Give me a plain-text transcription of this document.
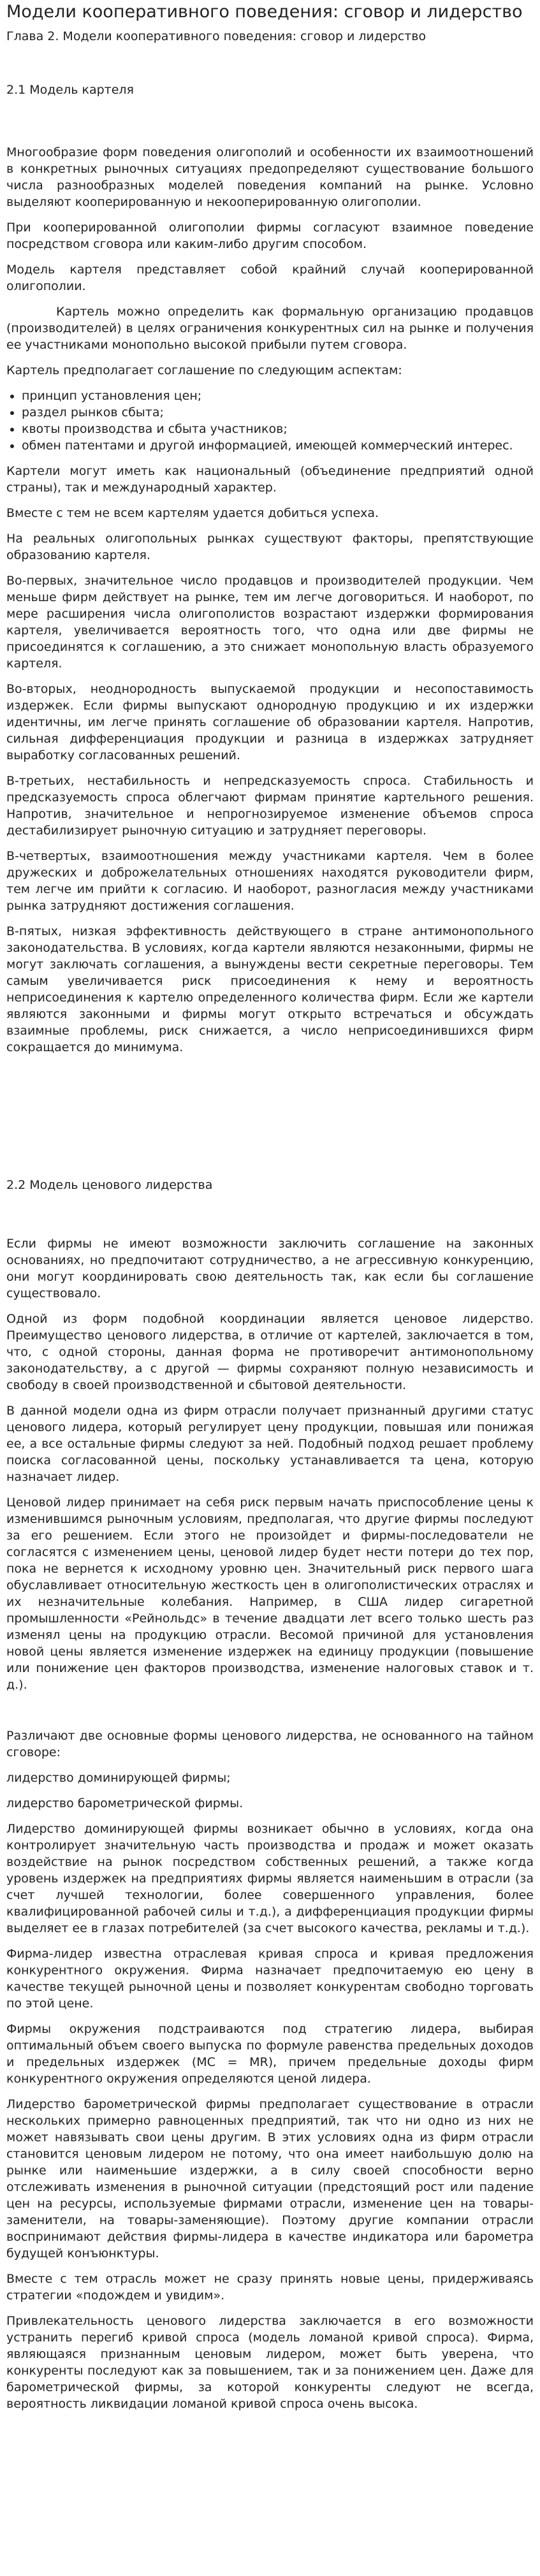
Модели кооперативного поведения: сговор и лидерство
Глава 2. Модели кооперативного поведения: сговор и лидерство
2.1 Модель картеля

Многообразие форм поведения олигополий и особенности их взаимоотношений в конкретных рыночных ситуациях предопределяют существование большого числа разнообразных моделей поведения компаний на рынке. Условно выделяют кооперированную и некооперированную олигополии.

При кооперированной олигополии фирмы согласуют взаимное поведение посредством сговора или каким-либо другим способом.

Модель картеля представляет собой крайний случай кооперированной олигополии.

Картель можно определить как формальную организацию продавцов (производителей) в целях ограничения конкурентных сил на рынке и получения ее участниками монопольно высокой прибыли путем сговора.

Картель предполагает соглашение по следующим аспектам:

• принцип установления цен;
• раздел рынков сбыта;
• квоты производства и сбыта участников;
• обмен патентами и другой информацией, имеющей коммерческий интерес.

Картели могут иметь как национальный (объединение предприятий одной страны), так и международный характер.

Вместе с тем не всем картелям удается добиться успеха.

На реальных олигопольных рынках существуют факторы, препятствующие образованию картеля.

Во-первых, значительное число продавцов и производителей продукции. Чем меньше фирм действует на рынке, тем им легче договориться. И наоборот, по мере расширения числа олигополистов возрастают издержки формирования картеля, увеличивается вероятность того, что одна или две фирмы не присоединятся к соглашению, а это снижает монопольную власть образуемого картеля.

Во-вторых, неоднородность выпускаемой продукции и несопоставимость издержек. Если фирмы выпускают однородную продукцию и их издержки идентичны, им легче принять соглашение об образовании картеля. Напротив, сильная дифференциация продукции и разница в издержках затрудняет выработку согласованных решений.

В-третьих, нестабильность и непредсказуемость спроса. Стабильность и предсказуемость спроса облегчают фирмам принятие картельного решения. Напротив, значительное и непрогнозируемое изменение объемов спроса дестабилизирует рыночную ситуацию и затрудняет переговоры.

В-четвертых, взаимоотношения между участниками картеля. Чем в более дружеских и доброжелательных отношениях находятся руководители фирм, тем легче им прийти к согласию. И наоборот, разногласия между участниками рынка затрудняют достижения соглашения.

В-пятых, низкая эффективность действующего в стране антимонопольного законодательства. В условиях, когда картели являются незаконными, фирмы не могут заключать соглашения, а вынуждены вести секретные переговоры. Тем самым увеличивается риск присоединения к нему и вероятность неприсоединения к картелю определенного количества фирм. Если же картели являются законными и фирмы могут открыто встречаться и обсуждать взаимные проблемы, риск снижается, а число неприсоединившихся фирм сокращается до минимума.

2.2 Модель ценового лидерства

Если фирмы не имеют возможности заключить соглашение на законных основаниях, но предпочитают сотрудничество, а не агрессивную конкуренцию, они могут координировать свою деятельность так, как если бы соглашение существовало.

Одной из форм подобной координации является ценовое лидерство. Преимущество ценового лидерства, в отличие от картелей, заключается в том, что, с одной стороны, данная форма не противоречит антимонопольному законодательству, а с другой — фирмы сохраняют полную независимость и свободу в своей производственной и сбытовой деятельности.

В данной модели одна из фирм отрасли получает признанный другими статус ценового лидера, который регулирует цену продукции, повышая или понижая ее, а все остальные фирмы следуют за ней. Подобный подход решает проблему поиска согласованной цены, поскольку устанавливается та цена, которую назначает лидер.

Ценовой лидер принимает на себя риск первым начать приспособление цены к изменившимся рыночным условиям, предполагая, что другие фирмы последуют за его решением. Если этого не произойдет и фирмы-последователи не согласятся с изменением цены, ценовой лидер будет нести потери до тех пор, пока не вернется к исходному уровню цен. Значительный риск первого шага обуславливает относительную жесткость цен в олигополистических отраслях и их незначительные колебания. Например, в США лидер сигаретной промышленности «Рейнольдс» в течение двадцати лет всего только шесть раз изменял цены на продукцию отрасли. Весомой причиной для установления новой цены является изменение издержек на единицу продукции (повышение или понижение цен факторов производства, изменение налоговых ставок и т. д.).

Различают две основные формы ценового лидерства, не основанного на тайном сговоре:

лидерство доминирующей фирмы;

лидерство барометрической фирмы.

Лидерство доминирующей фирмы возникает обычно в условиях, когда она контролирует значительную часть производства и продаж и может оказать воздействие на рынок посредством собственных решений, а также когда уровень издержек на предприятиях фирмы является наименьшим в отрасли (за счет лучшей технологии, более совершенного управления, более квалифицированной рабочей силы и т.д.), а дифференциация продукции фирмы выделяет ее в глазах потребителей (за счет высокого качества, рекламы и т.д.).

Фирма-лидер известна отраслевая кривая спроса и кривая предложения конкурентного окружения. Фирма назначает предпочитаемую ею цену в качестве текущей рыночной цены и позволяет конкурентам свободно торговать по этой цене.

Фирмы окружения подстраиваются под стратегию лидера, выбирая оптимальный объем своего выпуска по формуле равенства предельных доходов и предельных издержек (MC = MR), причем предельные доходы фирм конкурентного окружения определяются ценой лидера.

Лидерство барометрической фирмы предполагает существование в отрасли нескольких примерно равноценных предприятий, так что ни одно из них не может навязывать свои цены другим. В этих условиях одна из фирм отрасли становится ценовым лидером не потому, что она имеет наибольшую долю на рынке или наименьшие издержки, а в силу своей способности верно отслеживать изменения в рыночной ситуации (предстоящий рост или падение цен на ресурсы, используемые фирмами отрасли, изменение цен на товары-заменители, на товары-заменяющие). Поэтому другие компании отрасли воспринимают действия фирмы-лидера в качестве индикатора или барометра будущей конъюнктуры.

Вместе с тем отрасль может не сразу принять новые цены, придерживаясь стратегии «подождем и увидим».

Привлекательность ценового лидерства заключается в его возможности устранить перегиб кривой спроса (модель ломаной кривой спроса). Фирма, являющаяся признанным ценовым лидером, может быть уверена, что конкуренты последуют как за повышением, так и за понижением цен. Даже для барометрической фирмы, за которой конкуренты следуют не всегда, вероятность ликвидации ломаной кривой спроса очень высока.
